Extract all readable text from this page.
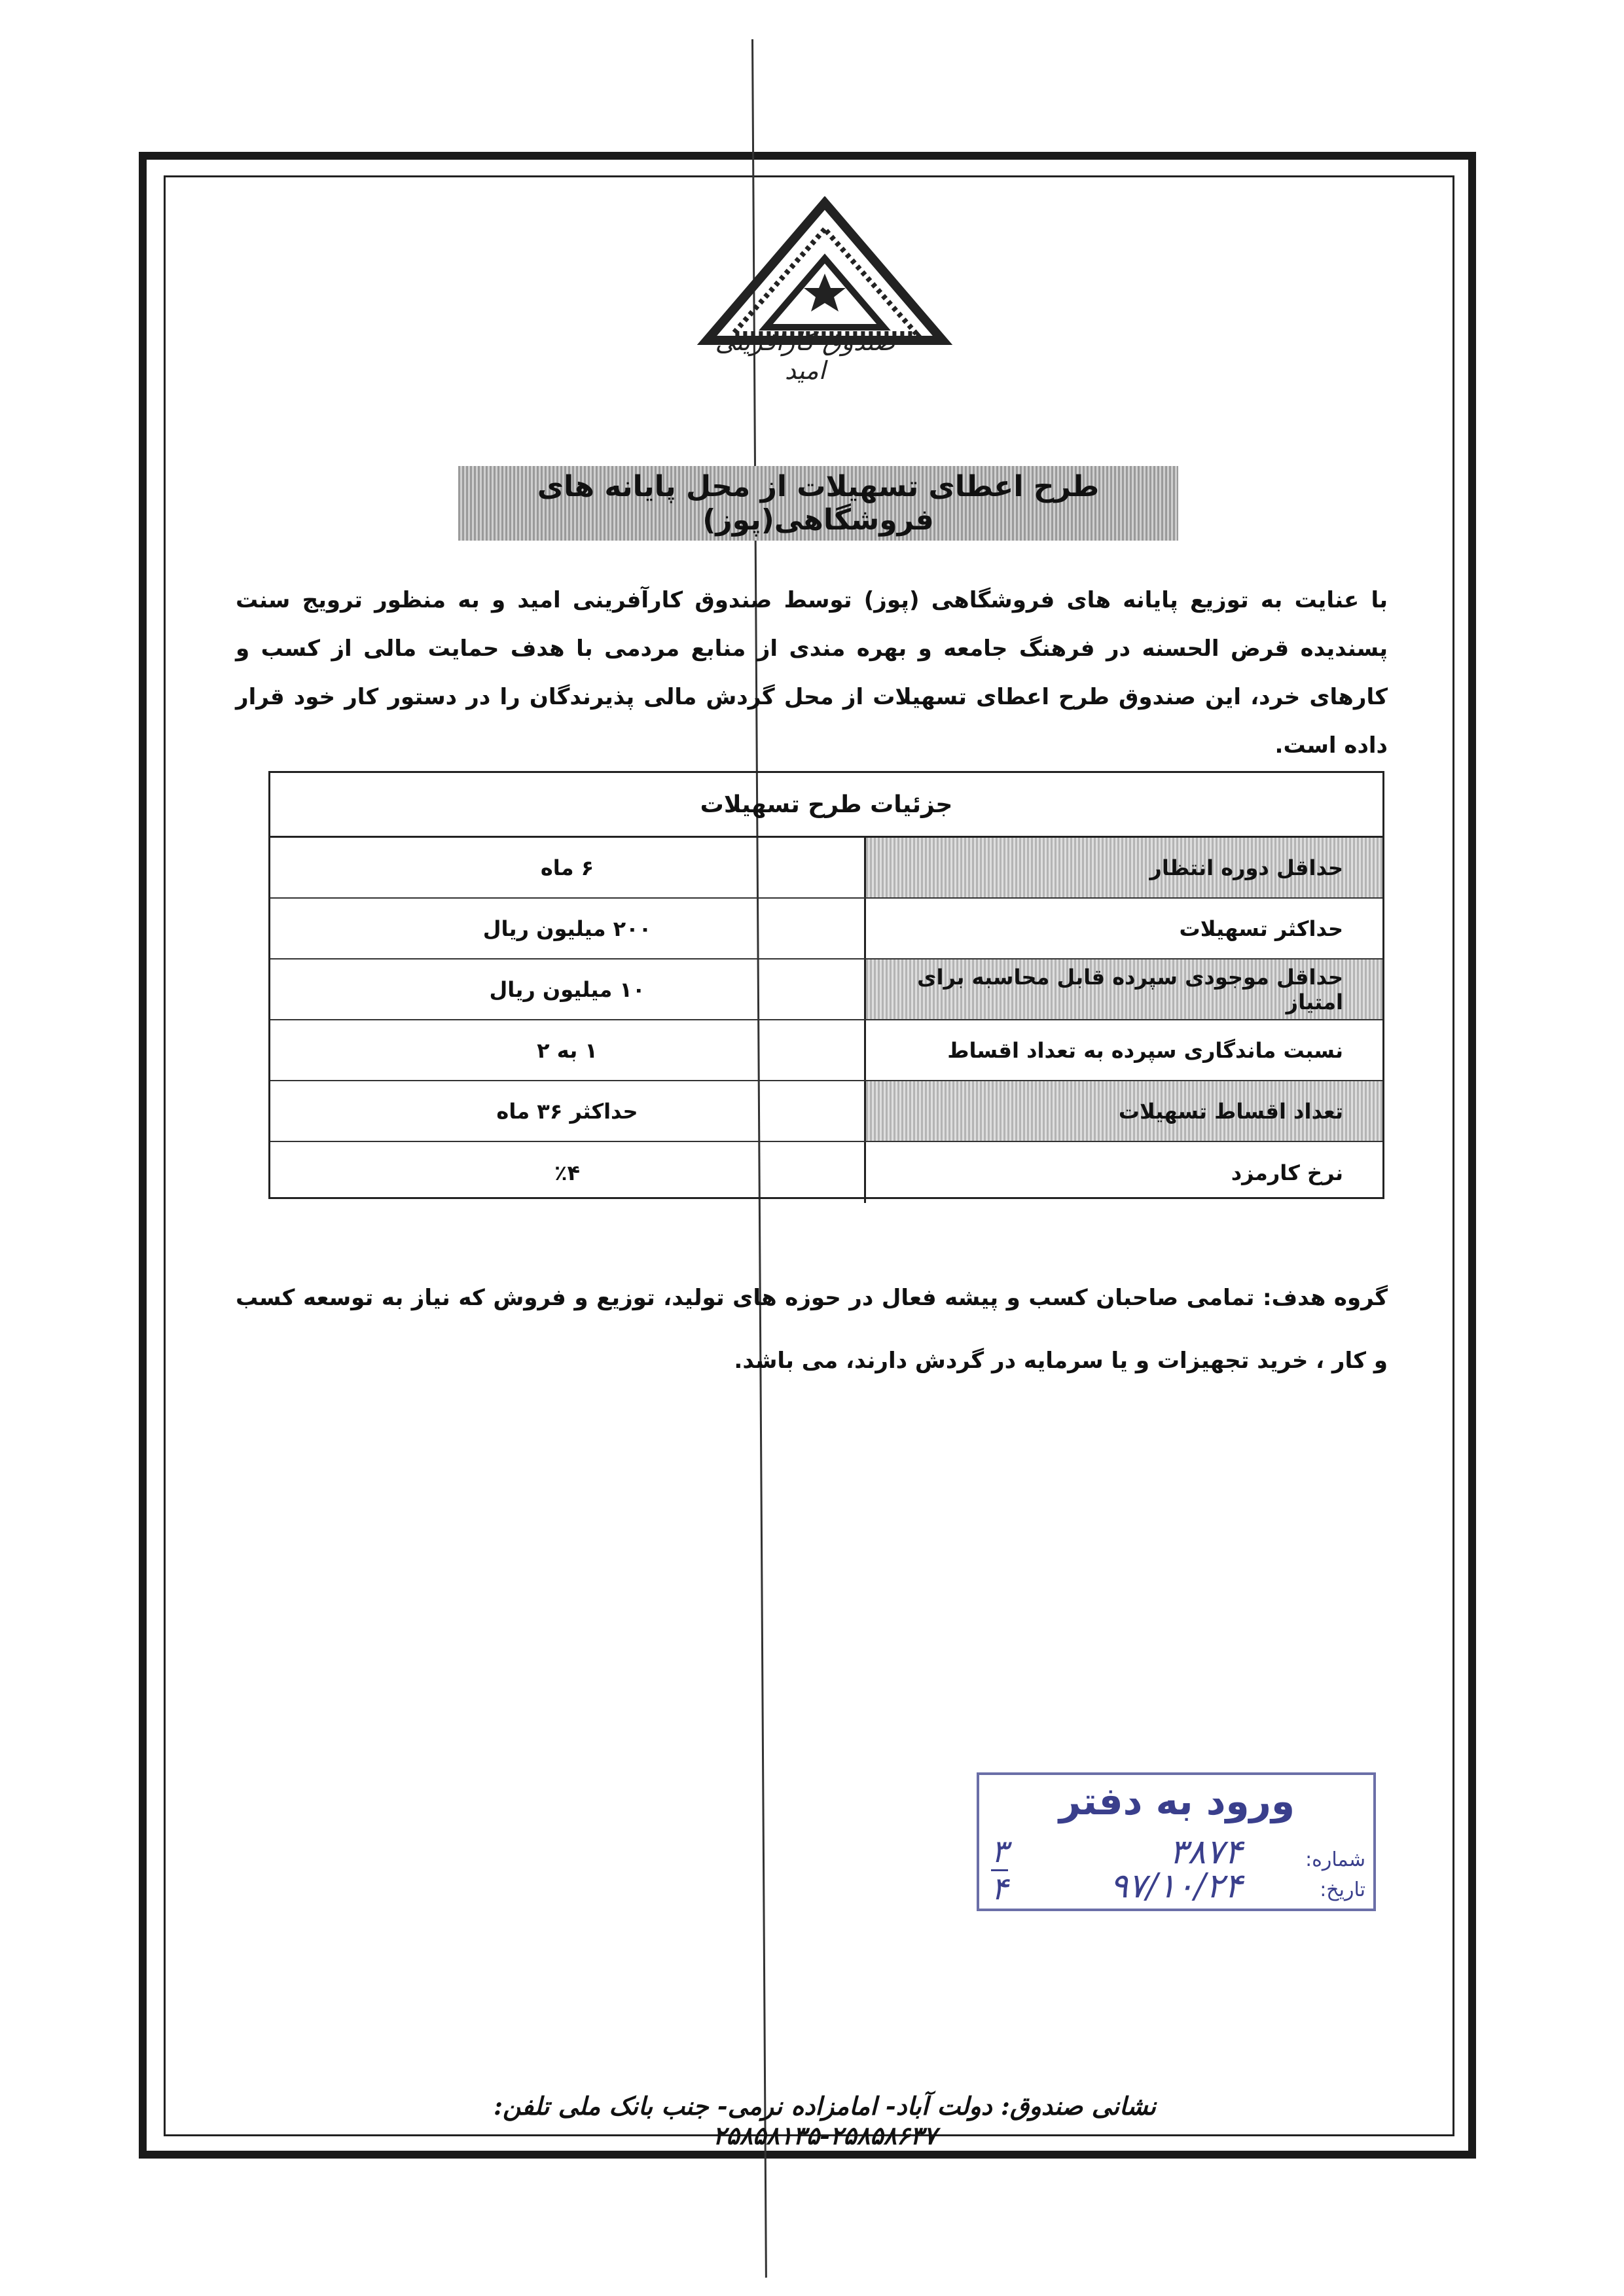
صندوق کارآفرینی امید
طرح اعطای تسهیلات از محل پایانه های فروشگاهی(پوز)
با عنایت به توزیع پایانه های فروشگاهی (پوز) توسط صندوق کارآفرینی امید و به منظور ترویج سنت پسندیده قرض الحسنه در فرهنگ جامعه و بهره مندی از منابع مردمی با هدف حمایت مالی از کسب و کارهای خرد، این صندوق طرح اعطای تسهیلات از محل گردش مالی پذیرندگان را در دستور کار خود قرار داده است.
جزئیات طرح تسهیلات
حداقل دوره انتظار
۶ ماه
حداکثر تسهیلات
۲۰۰ میلیون ریال
حداقل موجودی سپرده قابل محاسبه برای امتیاز
۱۰ میلیون ریال
نسبت ماندگاری سپرده به تعداد اقساط
۱ به ۲
تعداد اقساط تسهیلات
حداکثر ۳۶ ماه
نرخ کارمزد
٪۴
گروه هدف: تمامی صاحبان کسب و پیشه فعال در حوزه های تولید، توزیع و فروش که نیاز به توسعه کسب و کار ، خرید تجهیزات و یا سرمایه در گردش دارند، می باشد.
ورود به دفتر
شماره:
۳۸۷۴
تاریخ:
۹۷/۱۰/۲۴
۳
۴
نشانی صندوق: دولت آباد- امامزاده نرمی- جنب بانک ملی تلفن: ۲۵۸۵۸۶۳۷-۲۵۸۵۸۱۳۵
